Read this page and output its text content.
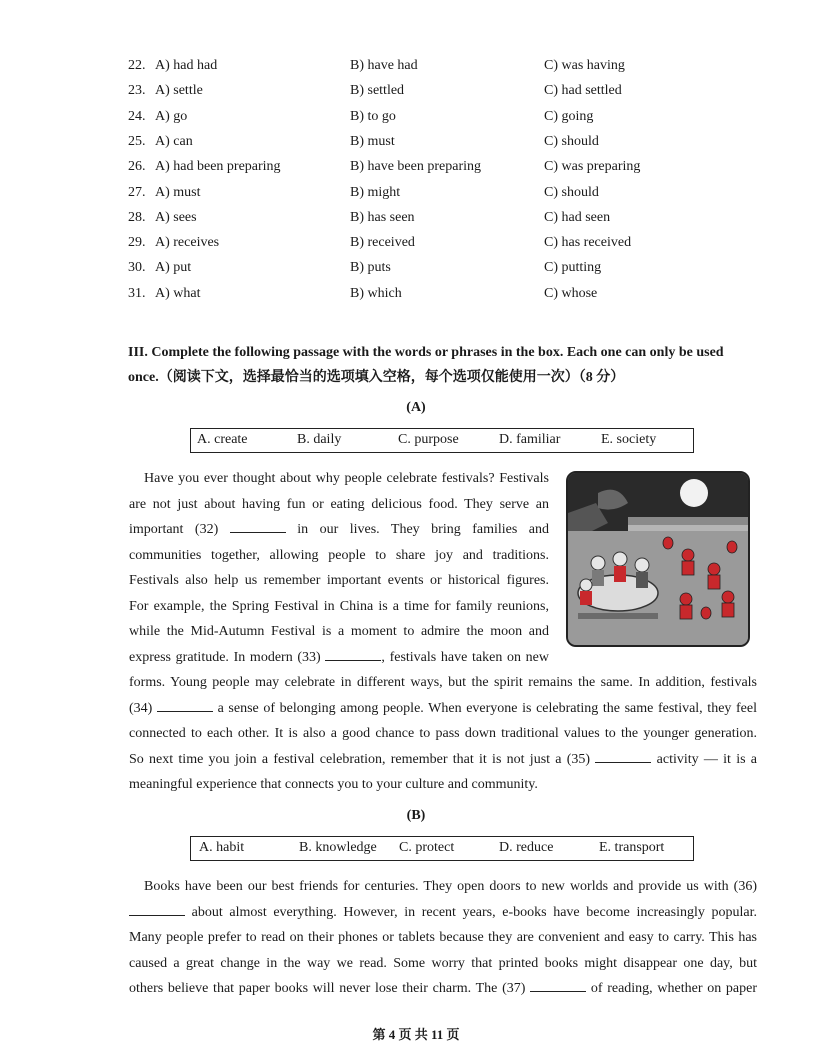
22. A) had had	B) have had	C) was having
23. A) settle	B) settled	C) had settled
24. A) go	B) to go	C) going
25. A) can	B) must	C) should
26. A) had been preparing	B) have been preparing	C) was preparing
27. A) must	B) might	C) should
28. A) sees	B) has seen	C) had seen
29. A) receives	B) received	C) has received
30. A) put	B) puts	C) putting
31. A) what	B) which	C) whose
III. Complete the following passage with the words or phrases in the box. Each one can only be used
once.（阅读下文，选择最恰当的选项填入空格，每个选项仅能使用一次）（8 分）
(A)
A. create	B. daily	C. purpose	D. familiar	E. society
Have you ever thought about why people celebrate festivals? Festivals
are not just about having fun or eating delicious food. They serve an
important (32)	in our lives. They bring families and
communities together, allowing people to share joy and traditions.
Festivals also help us remember important events or historical figures.
For example, the Spring Festival in China is a time for family reunions,
while the Mid-Autumn Festival is a moment to admire the moon and
express gratitude. In modern (33)	, festivals have taken on new
forms. Young people may celebrate in different ways, but the spirit remains the same. In addition, festivals
(34)	a sense of belonging among people. When everyone is celebrating the same festival, they feel
connected to each other. It is also a good chance to pass down traditional values to the younger generation.
So next time you join a festival celebration, remember that it is not just a (35)	activity — it is a
meaningful experience that connects you to your culture and community.
(B)
A. habit	B. knowledge C. protect	D. reduce	E. transport
Books have been our best friends for centuries. They open doors to new worlds and provide us with (36)
about almost everything. However, in recent years, e-books have become increasingly popular.
Many people prefer to read on their phones or tablets because they are convenient and easy to carry. This has
caused a great change in the way we read. Some worry that printed books might disappear one day, but
others believe that paper books will never lose their charm. The (37)	of reading, whether on paper
第 4 页 共 11 页
